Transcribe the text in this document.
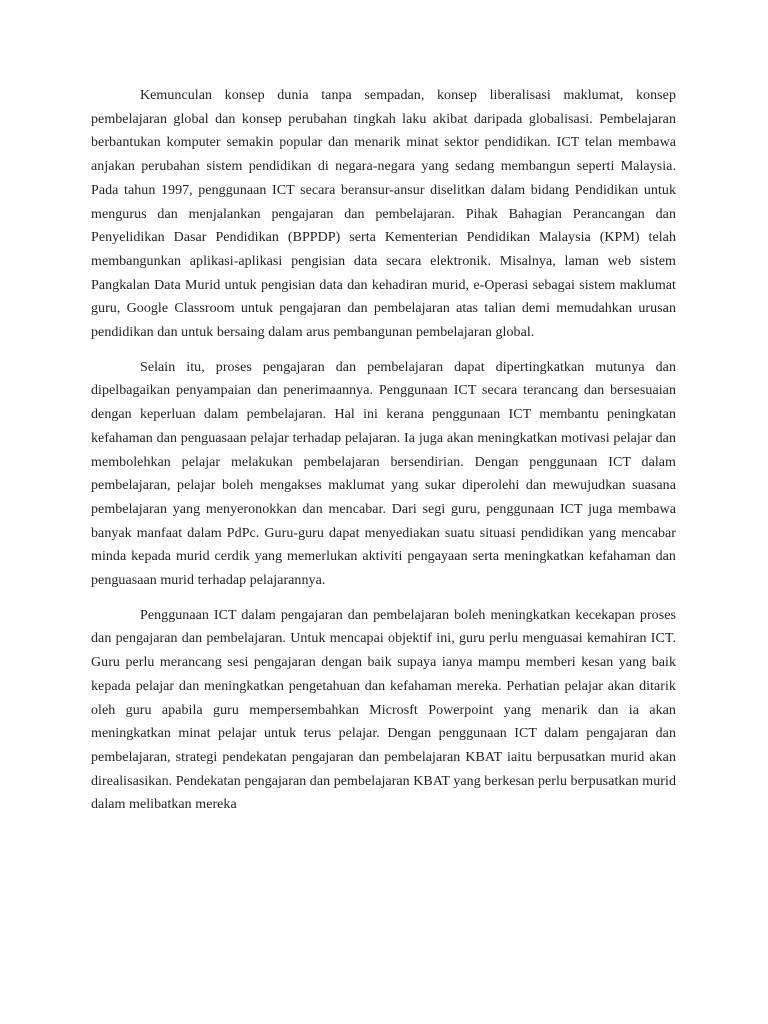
Kemunculan konsep dunia tanpa sempadan, konsep liberalisasi maklumat, konsep pembelajaran global dan konsep perubahan tingkah laku akibat daripada globalisasi. Pembelajaran berbantukan komputer semakin popular dan menarik minat sektor pendidikan. ICT telan membawa anjakan perubahan sistem pendidikan di negara-negara yang sedang membangun seperti Malaysia. Pada tahun 1997, penggunaan ICT secara beransur-ansur diselitkan dalam bidang Pendidikan untuk mengurus dan menjalankan pengajaran dan pembelajaran. Pihak Bahagian Perancangan dan Penyelidikan Dasar Pendidikan (BPPDP) serta Kementerian Pendidikan Malaysia (KPM) telah membangunkan aplikasi-aplikasi pengisian data secara elektronik. Misalnya, laman web sistem Pangkalan Data Murid untuk pengisian data dan kehadiran murid, e-Operasi sebagai sistem maklumat guru, Google Classroom untuk pengajaran dan pembelajaran atas talian demi memudahkan urusan pendidikan dan untuk bersaing dalam arus pembangunan pembelajaran global.

Selain itu, proses pengajaran dan pembelajaran dapat dipertingkatkan mutunya dan dipelbagaikan penyampaian dan penerimaannya. Penggunaan ICT secara terancang dan bersesuaian dengan keperluan dalam pembelajaran. Hal ini kerana penggunaan ICT membantu peningkatan kefahaman dan penguasaan pelajar terhadap pelajaran. Ia juga akan meningkatkan motivasi pelajar dan membolehkan pelajar melakukan pembelajaran bersendirian. Dengan penggunaan ICT dalam pembelajaran, pelajar boleh mengakses maklumat yang sukar diperolehi dan mewujudkan suasana pembelajaran yang menyeronokkan dan mencabar. Dari segi guru, penggunaan ICT juga membawa banyak manfaat dalam PdPc. Guru-guru dapat menyediakan suatu situasi pendidikan yang mencabar minda kepada murid cerdik yang memerlukan aktiviti pengayaan serta meningkatkan kefahaman dan penguasaan murid terhadap pelajarannya.

Penggunaan ICT dalam pengajaran dan pembelajaran boleh meningkatkan kecekapan proses dan pengajaran dan pembelajaran. Untuk mencapai objektif ini, guru perlu menguasai kemahiran ICT. Guru perlu merancang sesi pengajaran dengan baik supaya ianya mampu memberi kesan yang baik kepada pelajar dan meningkatkan pengetahuan dan kefahaman mereka. Perhatian pelajar akan ditarik oleh guru apabila guru mempersembahkan Microsft Powerpoint yang menarik dan ia akan meningkatkan minat pelajar untuk terus pelajar. Dengan penggunaan ICT dalam pengajaran dan pembelajaran, strategi pendekatan pengajaran dan pembelajaran KBAT iaitu berpusatkan murid akan direalisasikan. Pendekatan pengajaran dan pembelajaran KBAT yang berkesan perlu berpusatkan murid dalam melibatkan mereka
